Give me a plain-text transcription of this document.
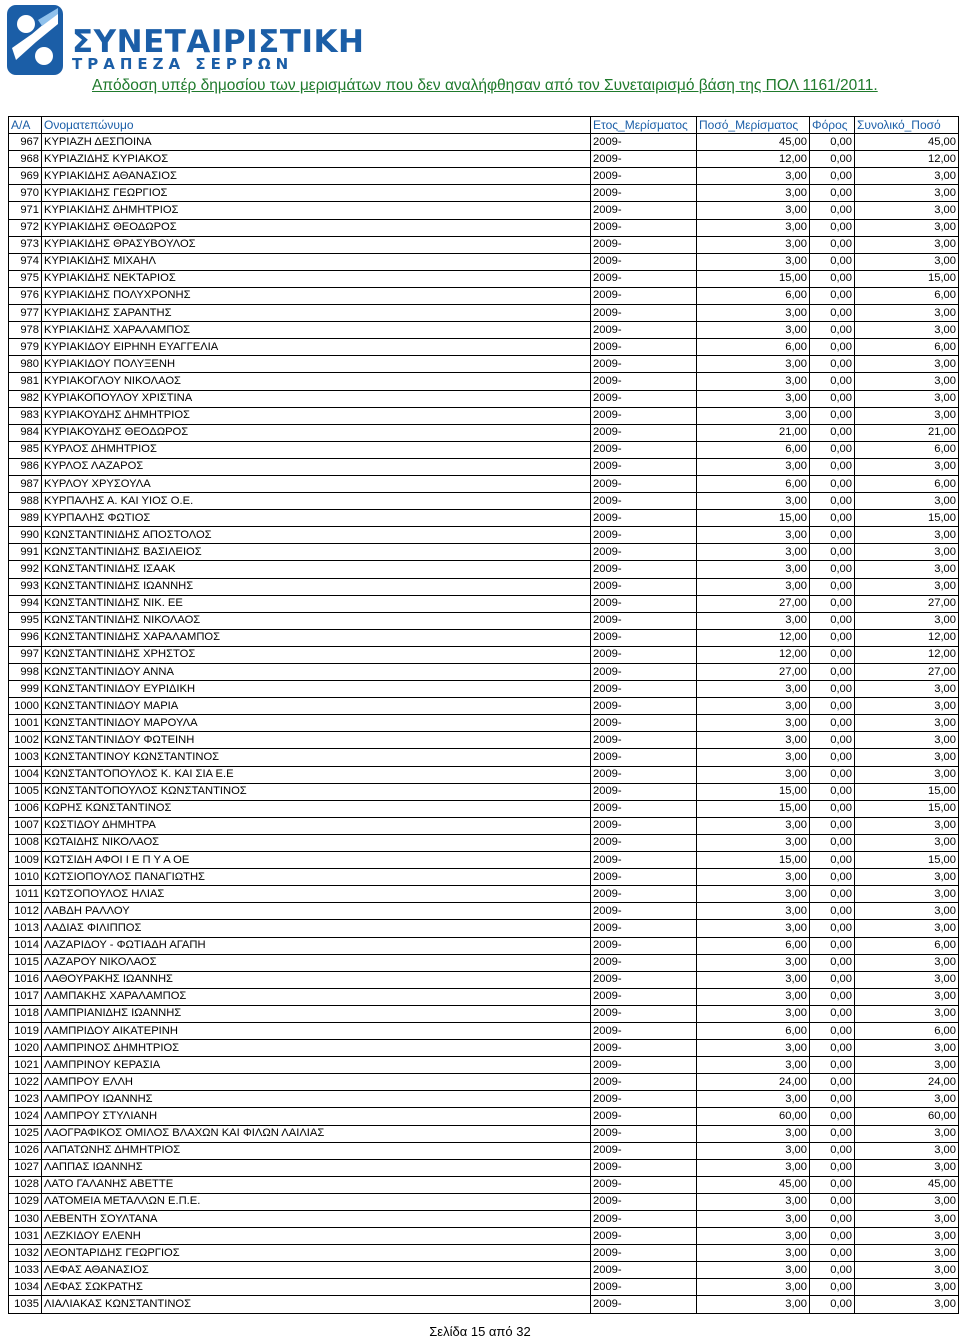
ΣΥΝΕΤΑΙΡΙΣΤΙΚΗ
ΤΡΑΠΕΖΑ ΣΕΡΡΩΝ
Απόδοση υπέρ δημοσίου των μερισμάτων που δεν αναλήφθησαν από τον Συνεταιρισμό βάση της ΠΟΛ 1161/2011.
Α/Α	Ονοματεπώνυμο	Ετος_Μερίσματος	Ποσό_Μερίσματος	Φόρος	Συνολικό_Ποσό
967	ΚΥΡΙΑΖΗ ΔΕΣΠΟΙΝΑ	2009-	45,00	0,00	45,00
968	ΚΥΡΙΑΖΙΔΗΣ ΚΥΡΙΑΚΟΣ	2009-	12,00	0,00	12,00
969	ΚΥΡΙΑΚΙΔΗΣ ΑΘΑΝΑΣΙΟΣ	2009-	3,00	0,00	3,00
970	ΚΥΡΙΑΚΙΔΗΣ ΓΕΩΡΓΙΟΣ	2009-	3,00	0,00	3,00
971	ΚΥΡΙΑΚΙΔΗΣ ΔΗΜΗΤΡΙΟΣ	2009-	3,00	0,00	3,00
972	ΚΥΡΙΑΚΙΔΗΣ ΘΕΟΔΩΡΟΣ	2009-	3,00	0,00	3,00
973	ΚΥΡΙΑΚΙΔΗΣ ΘΡΑΣΥΒΟΥΛΟΣ	2009-	3,00	0,00	3,00
974	ΚΥΡΙΑΚΙΔΗΣ ΜΙΧΑΗΛ	2009-	3,00	0,00	3,00
975	ΚΥΡΙΑΚΙΔΗΣ ΝΕΚΤΑΡΙΟΣ	2009-	15,00	0,00	15,00
976	ΚΥΡΙΑΚΙΔΗΣ ΠΟΛΥΧΡΟΝΗΣ	2009-	6,00	0,00	6,00
977	ΚΥΡΙΑΚΙΔΗΣ ΣΑΡΑΝΤΗΣ	2009-	3,00	0,00	3,00
978	ΚΥΡΙΑΚΙΔΗΣ ΧΑΡΑΛΑΜΠΟΣ	2009-	3,00	0,00	3,00
979	ΚΥΡΙΑΚΙΔΟΥ ΕΙΡΗΝΗ ΕΥΑΓΓΕΛΙΑ	2009-	6,00	0,00	6,00
980	ΚΥΡΙΑΚΙΔΟΥ ΠΟΛΥΞΕΝΗ	2009-	3,00	0,00	3,00
981	ΚΥΡΙΑΚΟΓΛΟΥ ΝΙΚΟΛΑΟΣ	2009-	3,00	0,00	3,00
982	ΚΥΡΙΑΚΟΠΟΥΛΟΥ ΧΡΙΣΤΙΝΑ	2009-	3,00	0,00	3,00
983	ΚΥΡΙΑΚΟΥΔΗΣ ΔΗΜΗΤΡΙΟΣ	2009-	3,00	0,00	3,00
984	ΚΥΡΙΑΚΟΥΔΗΣ ΘΕΟΔΩΡΟΣ	2009-	21,00	0,00	21,00
985	ΚΥΡΛΟΣ ΔΗΜΗΤΡΙΟΣ	2009-	6,00	0,00	6,00
986	ΚΥΡΛΟΣ ΛΑΖΑΡΟΣ	2009-	3,00	0,00	3,00
987	ΚΥΡΛΟΥ ΧΡΥΣΟΥΛΑ	2009-	6,00	0,00	6,00
988	ΚΥΡΠΑΛΗΣ Α. ΚΑΙ ΥΙΟΣ Ο.Ε.	2009-	3,00	0,00	3,00
989	ΚΥΡΠΑΛΗΣ ΦΩΤΙΟΣ	2009-	15,00	0,00	15,00
990	ΚΩΝΣΤΑΝΤΙΝΙΔΗΣ ΑΠΟΣΤΟΛΟΣ	2009-	3,00	0,00	3,00
991	ΚΩΝΣΤΑΝΤΙΝΙΔΗΣ ΒΑΣΙΛΕΙΟΣ	2009-	3,00	0,00	3,00
992	ΚΩΝΣΤΑΝΤΙΝΙΔΗΣ ΙΣΑΑΚ	2009-	3,00	0,00	3,00
993	ΚΩΝΣΤΑΝΤΙΝΙΔΗΣ ΙΩΑΝΝΗΣ	2009-	3,00	0,00	3,00
994	ΚΩΝΣΤΑΝΤΙΝΙΔΗΣ ΝΙΚ. ΕΕ	2009-	27,00	0,00	27,00
995	ΚΩΝΣΤΑΝΤΙΝΙΔΗΣ ΝΙΚΟΛΑΟΣ	2009-	3,00	0,00	3,00
996	ΚΩΝΣΤΑΝΤΙΝΙΔΗΣ ΧΑΡΑΛΑΜΠΟΣ	2009-	12,00	0,00	12,00
997	ΚΩΝΣΤΑΝΤΙΝΙΔΗΣ ΧΡΗΣΤΟΣ	2009-	12,00	0,00	12,00
998	ΚΩΝΣΤΑΝΤΙΝΙΔΟΥ ΑΝΝΑ	2009-	27,00	0,00	27,00
999	ΚΩΝΣΤΑΝΤΙΝΙΔΟΥ ΕΥΡΙΔΙΚΗ	2009-	3,00	0,00	3,00
1000	ΚΩΝΣΤΑΝΤΙΝΙΔΟΥ ΜΑΡΙΑ	2009-	3,00	0,00	3,00
1001	ΚΩΝΣΤΑΝΤΙΝΙΔΟΥ ΜΑΡΟΥΛΑ	2009-	3,00	0,00	3,00
1002	ΚΩΝΣΤΑΝΤΙΝΙΔΟΥ ΦΩΤΕΙΝΗ	2009-	3,00	0,00	3,00
1003	ΚΩΝΣΤΑΝΤΙΝΟΥ ΚΩΝΣΤΑΝΤΙΝΟΣ	2009-	3,00	0,00	3,00
1004	ΚΩΝΣΤΑΝΤΟΠΟΥΛΟΣ Κ. ΚΑΙ ΣΙΑ Ε.Ε	2009-	3,00	0,00	3,00
1005	ΚΩΝΣΤΑΝΤΟΠΟΥΛΟΣ ΚΩΝΣΤΑΝΤΙΝΟΣ	2009-	15,00	0,00	15,00
1006	ΚΩΡΗΣ ΚΩΝΣΤΑΝΤΙΝΟΣ	2009-	15,00	0,00	15,00
1007	ΚΩΣΤΙΔΟΥ ΔΗΜΗΤΡΑ	2009-	3,00	0,00	3,00
1008	ΚΩΤΑΙΔΗΣ ΝΙΚΟΛΑΟΣ	2009-	3,00	0,00	3,00
1009	ΚΩΤΣΙΔΗ ΑΦΟΙ Ι Ε Π Υ Α ΟΕ	2009-	15,00	0,00	15,00
1010	ΚΩΤΣΙΟΠΟΥΛΟΣ ΠΑΝΑΓΙΩΤΗΣ	2009-	3,00	0,00	3,00
1011	ΚΩΤΣΟΠΟΥΛΟΣ ΗΛΙΑΣ	2009-	3,00	0,00	3,00
1012	ΛΑΒΔΗ ΡΑΛΛΟΥ	2009-	3,00	0,00	3,00
1013	ΛΑΔΙΑΣ ΦΙΛΙΠΠΟΣ	2009-	3,00	0,00	3,00
1014	ΛΑΖΑΡΙΔΟΥ - ΦΩΤΙΑΔΗ ΑΓΑΠΗ	2009-	6,00	0,00	6,00
1015	ΛΑΖΑΡΟΥ ΝΙΚΟΛΑΟΣ	2009-	3,00	0,00	3,00
1016	ΛΑΘΟΥΡΑΚΗΣ ΙΩΑΝΝΗΣ	2009-	3,00	0,00	3,00
1017	ΛΑΜΠΑΚΗΣ ΧΑΡΑΛΑΜΠΟΣ	2009-	3,00	0,00	3,00
1018	ΛΑΜΠΡΙΑΝΙΔΗΣ ΙΩΑΝΝΗΣ	2009-	3,00	0,00	3,00
1019	ΛΑΜΠΡΙΔΟΥ ΑΙΚΑΤΕΡΙΝΗ	2009-	6,00	0,00	6,00
1020	ΛΑΜΠΡΙΝΟΣ ΔΗΜΗΤΡΙΟΣ	2009-	3,00	0,00	3,00
1021	ΛΑΜΠΡΙΝΟΥ ΚΕΡΑΣΙΑ	2009-	3,00	0,00	3,00
1022	ΛΑΜΠΡΟΥ ΕΛΛΗ	2009-	24,00	0,00	24,00
1023	ΛΑΜΠΡΟΥ ΙΩΑΝΝΗΣ	2009-	3,00	0,00	3,00
1024	ΛΑΜΠΡΟΥ ΣΤΥΛΙΑΝΗ	2009-	60,00	0,00	60,00
1025	ΛΑΟΓΡΑΦΙΚΟΣ ΟΜΙΛΟΣ ΒΛΑΧΩΝ ΚΑΙ ΦΙΛΩΝ ΛΑΙΛΙΑΣ	2009-	3,00	0,00	3,00
1026	ΛΑΠΑΤΩΝΗΣ ΔΗΜΗΤΡΙΟΣ	2009-	3,00	0,00	3,00
1027	ΛΑΠΠΑΣ ΙΩΑΝΝΗΣ	2009-	3,00	0,00	3,00
1028	ΛΑΤΟ ΓΑΛΑΝΗΣ ΑΒΕΤΤΕ	2009-	45,00	0,00	45,00
1029	ΛΑΤΟΜΕΙΑ ΜΕΤΑΛΛΩΝ Ε.Π.Ε.	2009-	3,00	0,00	3,00
1030	ΛΕΒΕΝΤΗ ΣΟΥΛΤΑΝΑ	2009-	3,00	0,00	3,00
1031	ΛΕΖΚΙΔΟΥ ΕΛΕΝΗ	2009-	3,00	0,00	3,00
1032	ΛΕΟΝΤΑΡΙΔΗΣ ΓΕΩΡΓΙΟΣ	2009-	3,00	0,00	3,00
1033	ΛΕΦΑΣ ΑΘΑΝΑΣΙΟΣ	2009-	3,00	0,00	3,00
1034	ΛΕΦΑΣ ΣΩΚΡΑΤΗΣ	2009-	3,00	0,00	3,00
1035	ΛΙΑΛΙΑΚΑΣ ΚΩΝΣΤΑΝΤΙΝΟΣ	2009-	3,00	0,00	3,00
Σελίδα 15 από 32
